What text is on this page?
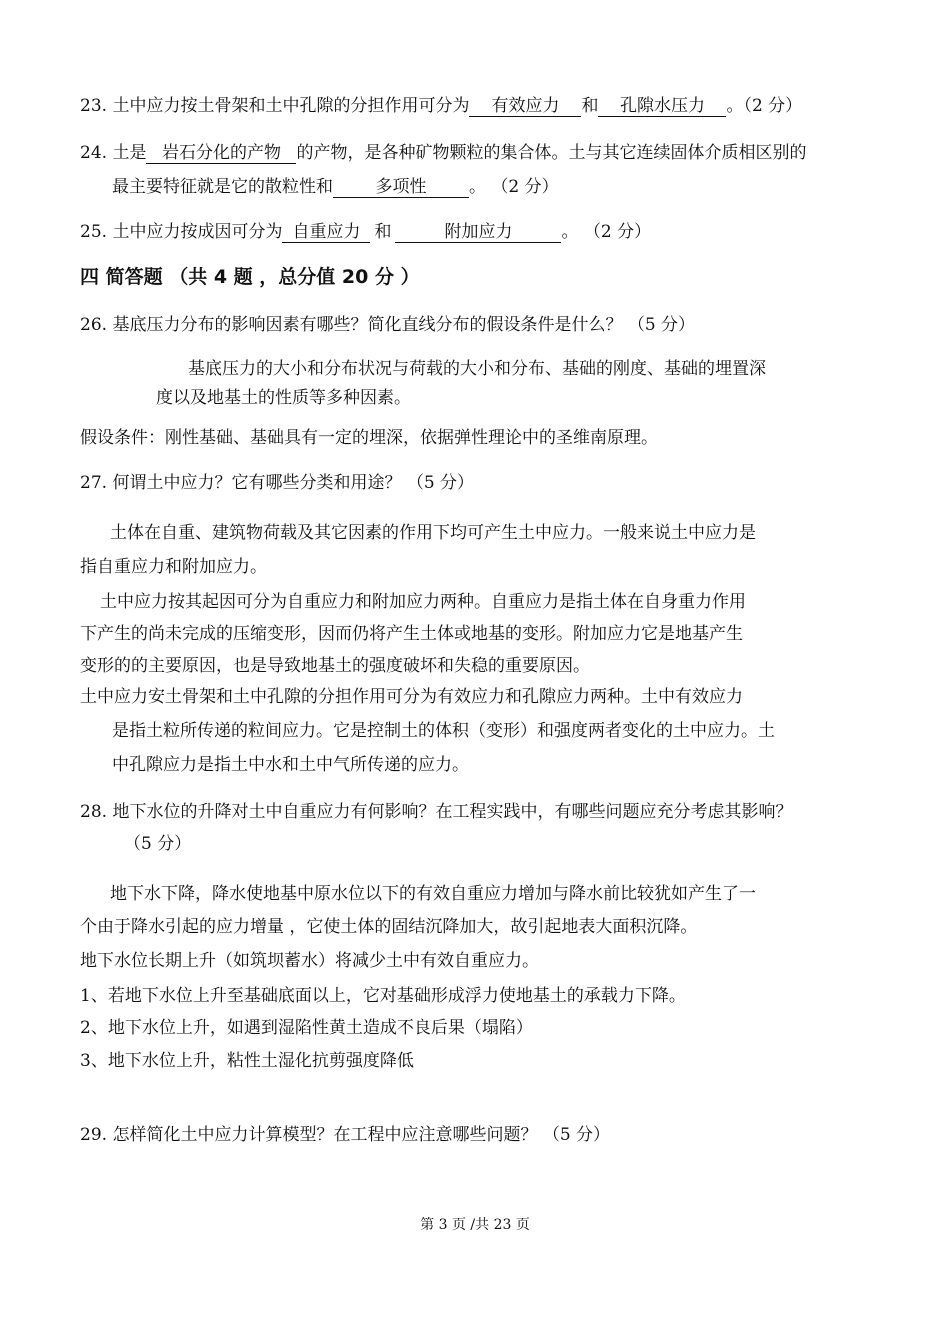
23. 土中应力按土骨架和土中孔隙的分担作用可分为 有效应力 和 孔隙水压力 。（2 分）
24. 土是 岩石分化的产物 的产物，是各种矿物颗粒的集合体。土与其它连续固体介质相区别的
最主要特征就是它的散粒性和	多项性	。 （2 分）
25. 土中应力按成因可分为 自重应力 和	附加应力	。 （2 分）
四 简答题 （共 4 题 ，总分值 20 分 ）
26. 基底压力分布的影响因素有哪些？简化直线分布的假设条件是什么？ （5 分）
基底压力的大小和分布状况与荷载的大小和分布、基础的刚度、基础的埋置深
度以及地基土的性质等多种因素。
假设条件：刚性基础、基础具有一定的埋深，依据弹性理论中的圣维南原理。
27. 何谓土中应力？它有哪些分类和用途？ （5 分）
土体在自重、建筑物荷载及其它因素的作用下均可产生土中应力。一般来说土中应力是
指自重应力和附加应力。
土中应力按其起因可分为自重应力和附加应力两种。自重应力是指土体在自身重力作用
下产生的尚未完成的压缩变形，因而仍将产生土体或地基的变形。附加应力它是地基产生
变形的的主要原因，也是导致地基土的强度破坏和失稳的重要原因。
土中应力安土骨架和土中孔隙的分担作用可分为有效应力和孔隙应力两种。土中有效应力
是指土粒所传递的粒间应力。它是控制土的体积（变形）和强度两者变化的土中应力。土
中孔隙应力是指土中水和土中气所传递的应力。
28. 地下水位的升降对土中自重应力有何影响？在工程实践中，有哪些问题应充分考虑其影响？
（5 分）
地下水下降，降水使地基中原水位以下的有效自重应力增加与降水前比较犹如产生了一
个由于降水引起的应力增量 ，它使土体的固结沉降加大，故引起地表大面积沉降。
地下水位长期上升（如筑坝蓄水）将减少土中有效自重应力。
1、若地下水位上升至基础底面以上，它对基础形成浮力使地基土的承载力下降。
2、地下水位上升，如遇到湿陷性黄土造成不良后果（塌陷）
3、地下水位上升，粘性土湿化抗剪强度降低
29. 怎样简化土中应力计算模型？在工程中应注意哪些问题？ （5 分）
第 3 页 /共 23 页
